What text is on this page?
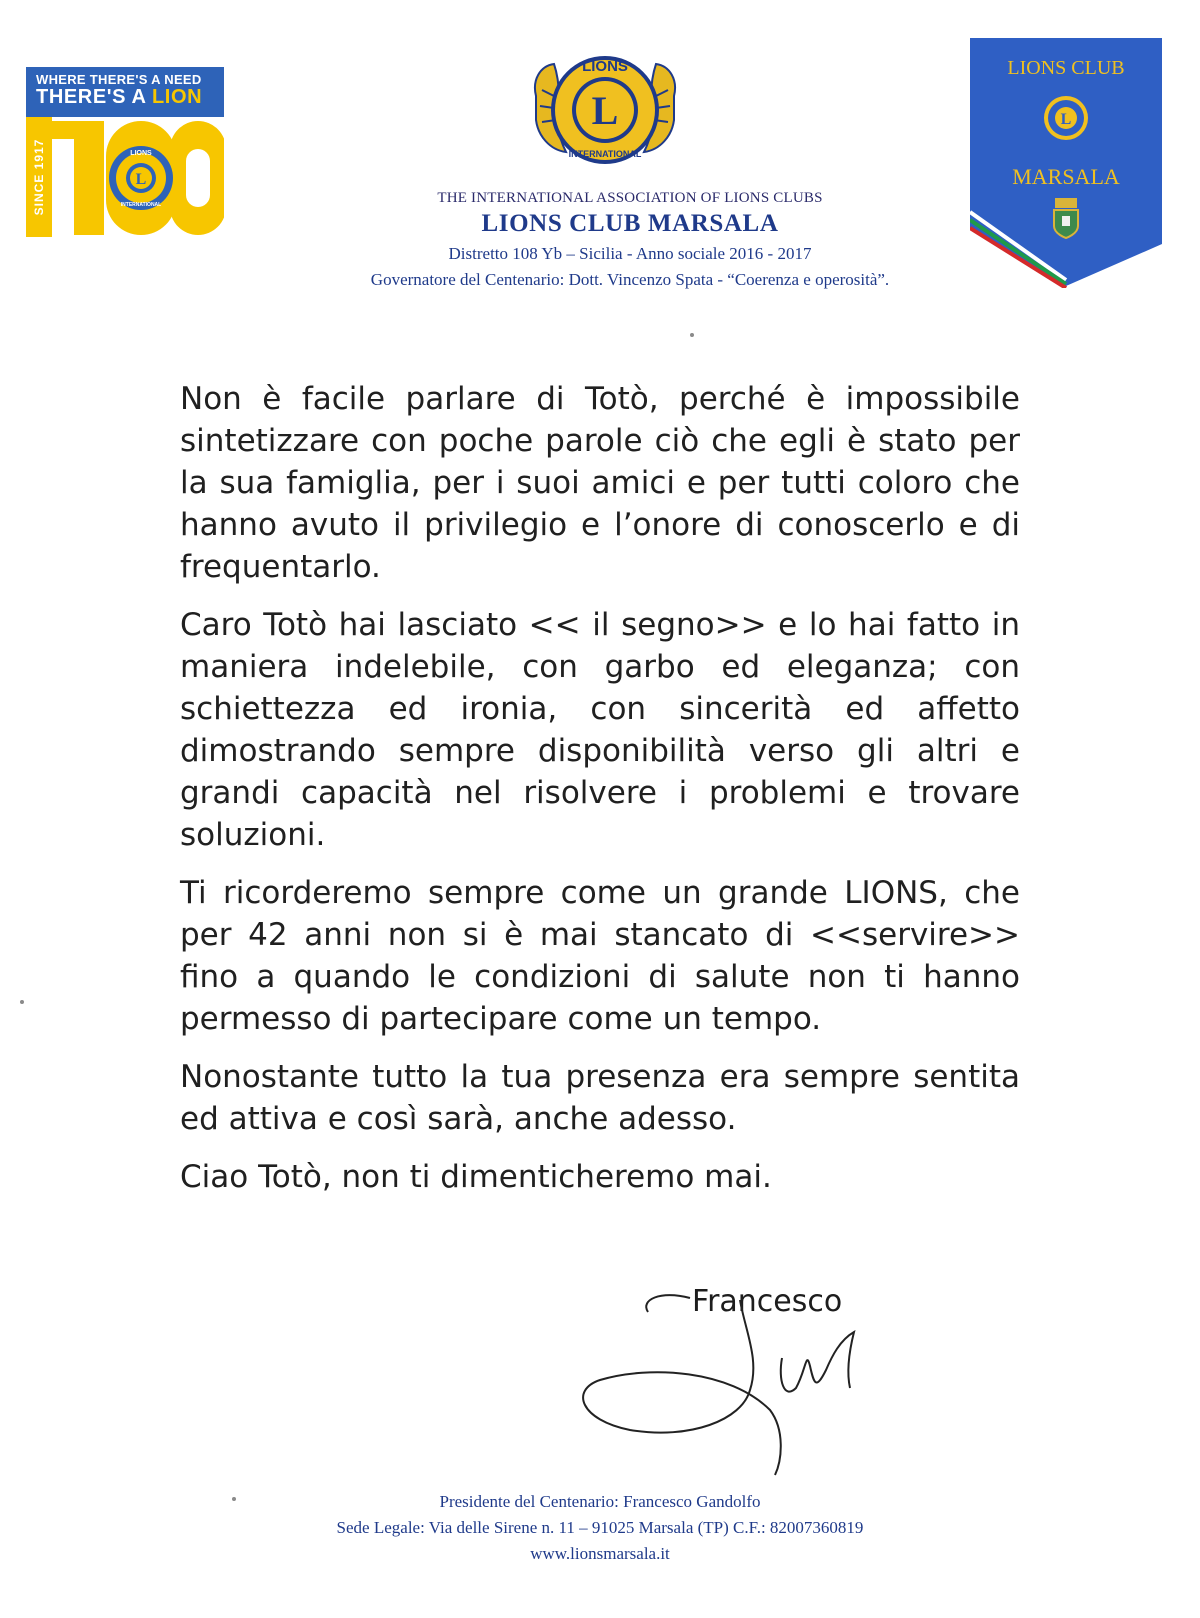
WHERE THERE'S A NEED
THERE'S A LION
SINCE 1917	L
LIONS
INTERNATIONAL
L
LIONS
INTERNATIONAL
THE INTERNATIONAL ASSOCIATION OF LIONS CLUBS
LIONS CLUB MARSALA
Distretto 108 Yb – Sicilia - Anno sociale 2016 - 2017
Governatore del Centenario: Dott. Vincenzo Spata - “Coerenza e operosità”.
LIONS CLUB
L
MARSALA

Non è facile parlare di Totò, perché è impossibile sintetizzare con poche parole ciò che egli è stato per la sua famiglia, per i suoi amici e per tutti coloro che hanno avuto il privilegio e l’onore di conoscerlo e di frequentarlo.

Caro Totò hai lasciato << il segno>> e lo hai fatto in maniera indelebile, con garbo ed eleganza; con schiettezza ed ironia, con sincerità ed affetto dimostrando sempre disponibilità verso gli altri e grandi capacità nel risolvere i problemi e trovare soluzioni.

Ti ricorderemo sempre come un grande LIONS, che per 42 anni non si è mai stancato di <<servire>> fino a quando le condizioni di salute non ti hanno permesso di partecipare come un tempo.

Nonostante tutto la tua presenza era sempre sentita ed attiva e così sarà, anche adesso.

Ciao Totò, non ti dimenticheremo mai.

Francesco
Presidente del Centenario: Francesco Gandolfo
Sede Legale: Via delle Sirene n. 11 – 91025 Marsala (TP) C.F.: 82007360819
www.lionsmarsala.it
